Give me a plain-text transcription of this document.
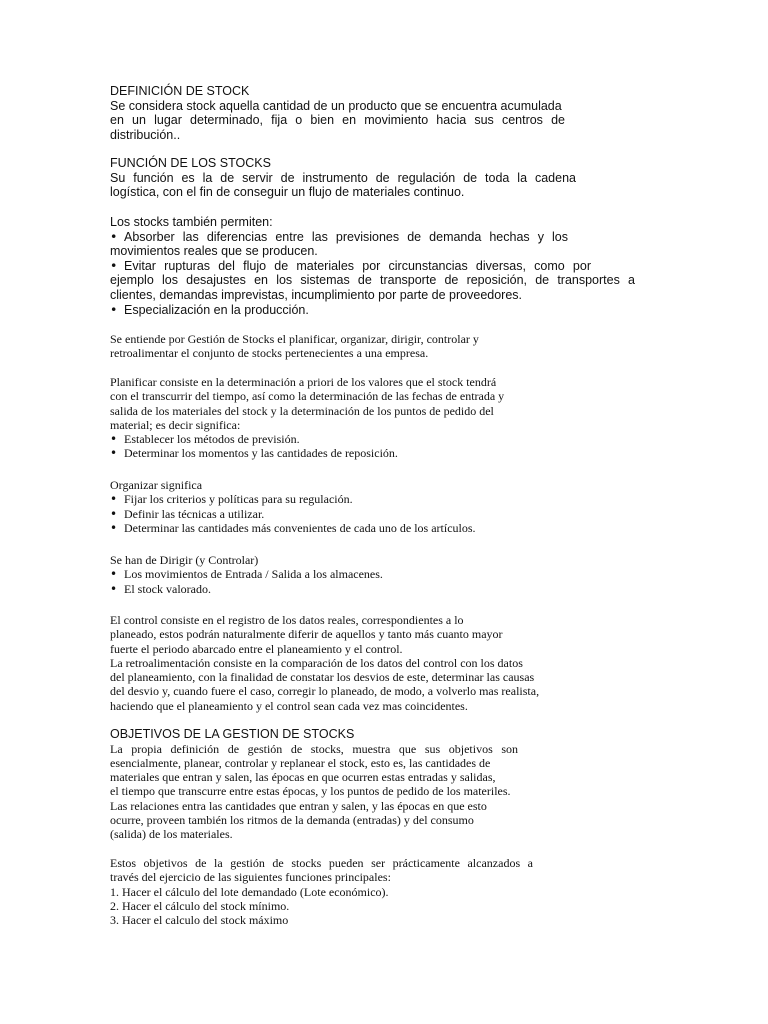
DEFINICIÓN DE STOCK
Se considera stock aquella cantidad de un producto que se encuentra acumulada
en un lugar determinado, fija o bien en movimiento hacia sus centros de
distribución..
FUNCIÓN DE LOS STOCKS
Su función es la de servir de instrumento de regulación de toda la cadena
logística, con el fin de conseguir un flujo de materiales continuo.
Los stocks también permiten:
• Absorber las diferencias entre las previsiones de demanda hechas y los
movimientos reales que se producen.
• Evitar rupturas del flujo de materiales por circunstancias diversas, como por
ejemplo los desajustes en los sistemas de transporte de reposición, de transportes a
clientes, demandas imprevistas, incumplimiento por parte de proveedores.
• Especialización en la producción.
Se entiende por Gestión de Stocks el planificar, organizar, dirigir, controlar y
retroalimentar el conjunto de stocks pertenecientes a una empresa.
Planificar consiste en la determinación a priori de los valores que el stock tendrá
con el transcurrir del tiempo, así como la determinación de las fechas de entrada y
salida de los materiales del stock y la determinación de los puntos de pedido del
material; es decir significa:
• Establecer los métodos de previsión.
• Determinar los momentos y las cantidades de reposición.
Organizar significa
• Fijar los criterios y políticas para su regulación.
• Definir las técnicas a utilizar.
• Determinar las cantidades más convenientes de cada uno de los artículos.
Se han de Dirigir (y Controlar)
• Los movimientos de Entrada / Salida a los almacenes.
• El stock valorado.
El control consiste en el registro de los datos reales, correspondientes a lo
planeado, estos podrán naturalmente diferir de aquellos y tanto más cuanto mayor
fuerte el periodo abarcado entre el planeamiento y el control.
La retroalimentación consiste en la comparación de los datos del control con los datos
del planeamiento, con la finalidad de constatar los desvios de este, determinar las causas
del desvio y, cuando fuere el caso, corregir lo planeado, de modo, a volverlo mas realista,
haciendo que el planeamiento y el control sean cada vez mas coincidentes.
OBJETIVOS DE LA GESTION DE STOCKS
La propia definición de gestión de stocks, muestra que sus objetivos son
esencialmente, planear, controlar y replanear el stock, esto es, las cantidades de
materiales que entran y salen, las épocas en que ocurren estas entradas y salidas,
el tiempo que transcurre entre estas épocas, y los puntos de pedido de los materiles.
Las relaciones entra las cantidades que entran y salen, y las épocas en que esto
ocurre, proveen también los ritmos de la demanda (entradas) y del consumo
(salida) de los materiales.
Estos objetivos de la gestión de stocks pueden ser prácticamente alcanzados a
través del ejercicio de las siguientes funciones principales:
1. Hacer el cálculo del lote demandado (Lote económico).
2. Hacer el cálculo del stock mínimo.
3. Hacer el calculo del stock máximo
